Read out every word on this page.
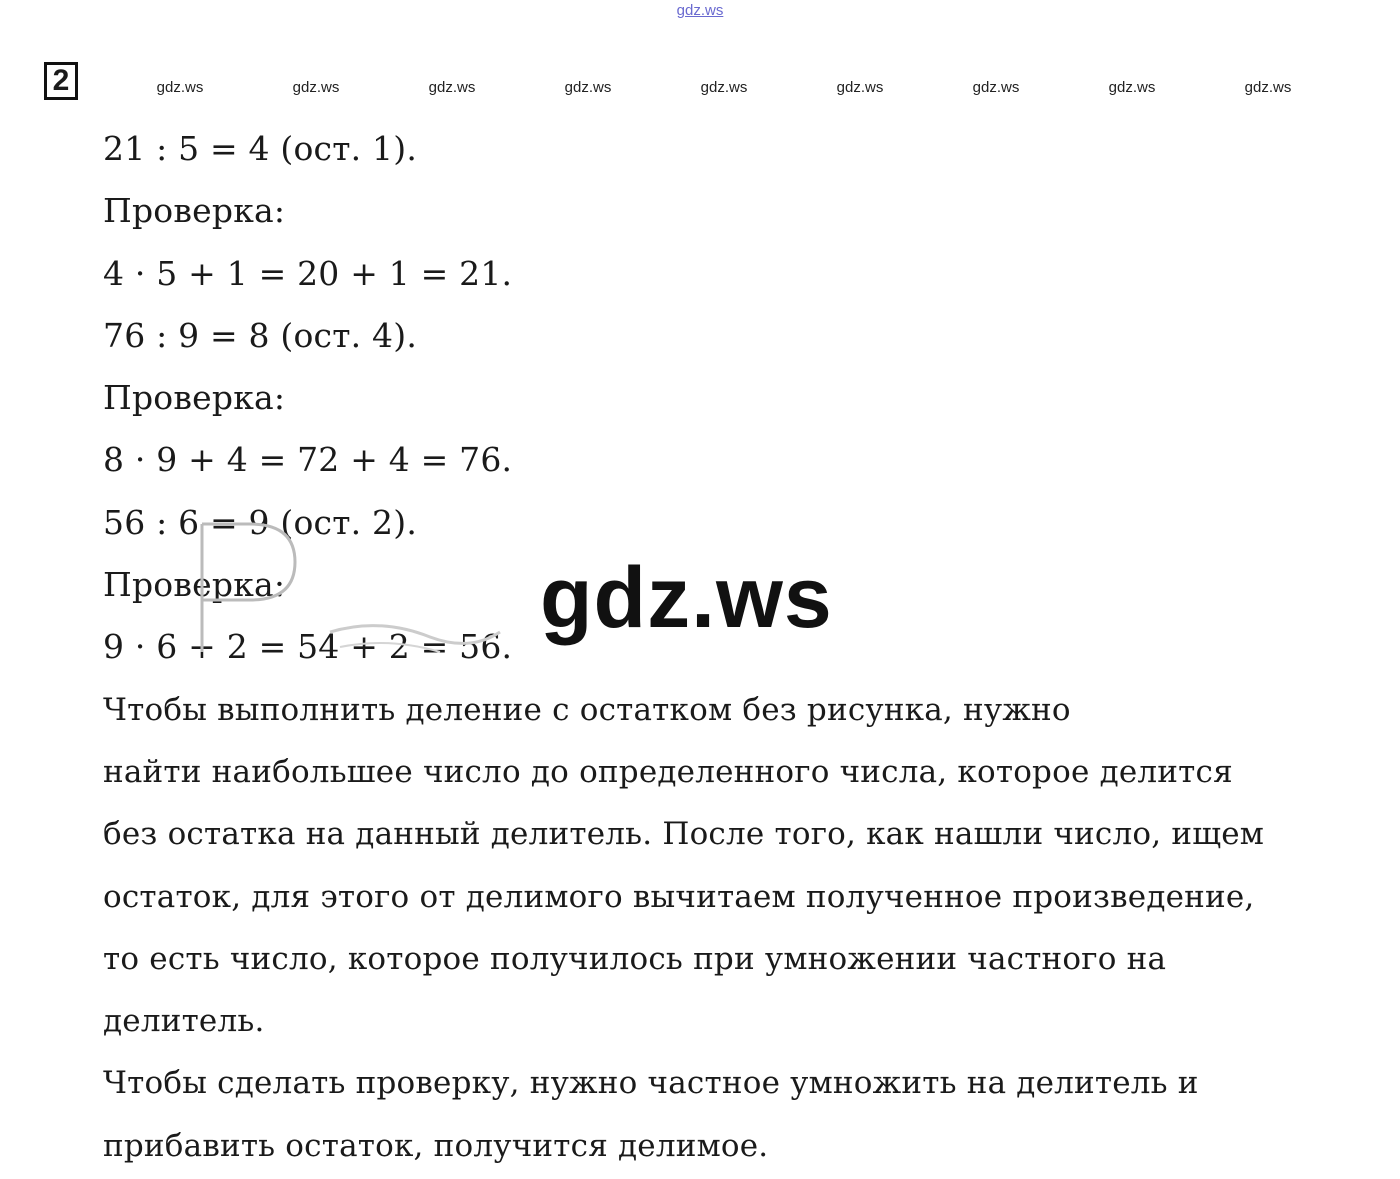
gdz.ws
2	gdz.ws	gdz.ws	gdz.ws	gdz.ws	gdz.ws	gdz.ws	gdz.ws	gdz.ws	gdz.ws
21 : 5 = 4 (ост. 1).
Проверка:
4 · 5 + 1 = 20 + 1 = 21.
76 : 9 = 8 (ост. 4).
Проверка:
8 · 9 + 4 = 72 + 4 = 76.
56 : 6 = 9 (ост. 2).
Проверка:
9 · 6 + 2 = 54 + 2 = 56.
Чтобы выполнить деление с остатком без рисунка, нужно
найти наибольшее число до определенного числа, которое делится
без остатка на данный делитель. После того, как нашли число, ищем
остаток, для этого от делимого вычитаем полученное произведение,
то есть число, которое получилось при умножении частного на
делитель.
Чтобы сделать проверку, нужно частное умножить на делитель и
прибавить остаток, получится делимое.
gdz.ws
